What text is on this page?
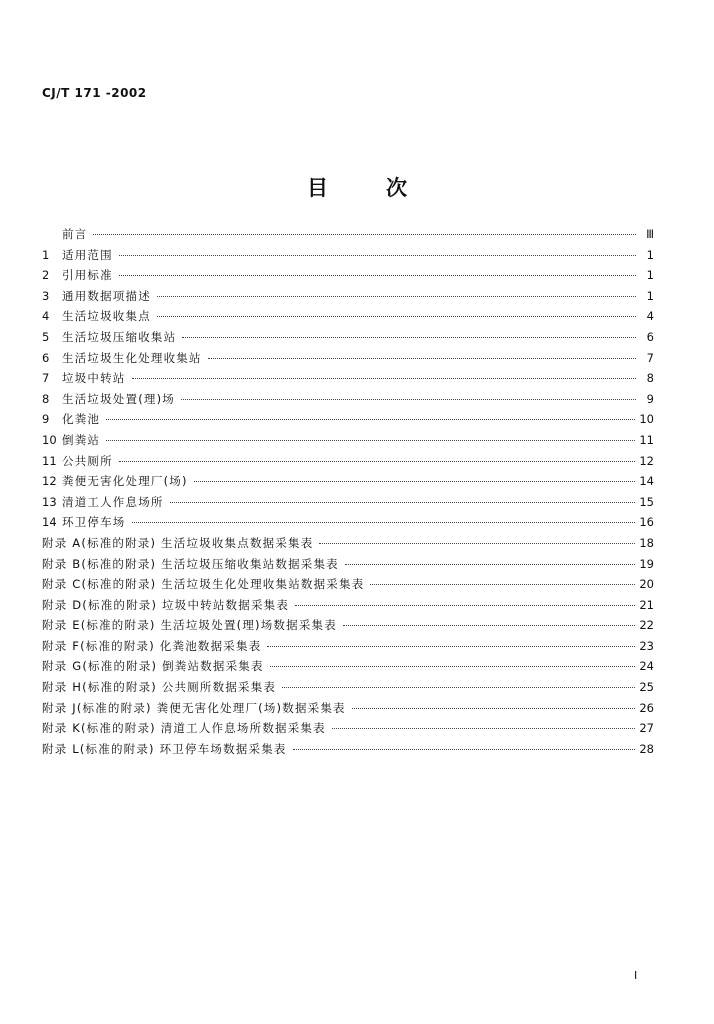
CJ/T 171 -2002
目	次
前言	Ⅲ
1	适用范围	1
2	引用标准	1
3	通用数据项描述	1
4	生活垃圾收集点	4
5	生活垃圾压缩收集站	6
6	生活垃圾生化处理收集站	7
7	垃圾中转站	8
8	生活垃圾处置(理)场	9
9	化粪池	10
10 倒粪站	11
11 公共厕所	12
12 粪便无害化处理厂(场)	14
13 清道工人作息场所	15
14 环卫停车场	16
附录 A(标准的附录) 生活垃圾收集点数据采集表	18
附录 B(标准的附录) 生活垃圾压缩收集站数据采集表	19
附录 C(标准的附录) 生活垃圾生化处理收集站数据采集表	20
附录 D(标准的附录) 垃圾中转站数据采集表	21
附录 E(标准的附录) 生活垃圾处置(理)场数据采集表	22
附录 F(标准的附录) 化粪池数据采集表	23
附录 G(标准的附录) 倒粪站数据采集表	24
附录 H(标准的附录) 公共厕所数据采集表	25
附录 J(标准的附录) 粪便无害化处理厂(场)数据采集表	26
附录 K(标准的附录) 清道工人作息场所数据采集表	27
附录 L(标准的附录) 环卫停车场数据采集表	28
I
